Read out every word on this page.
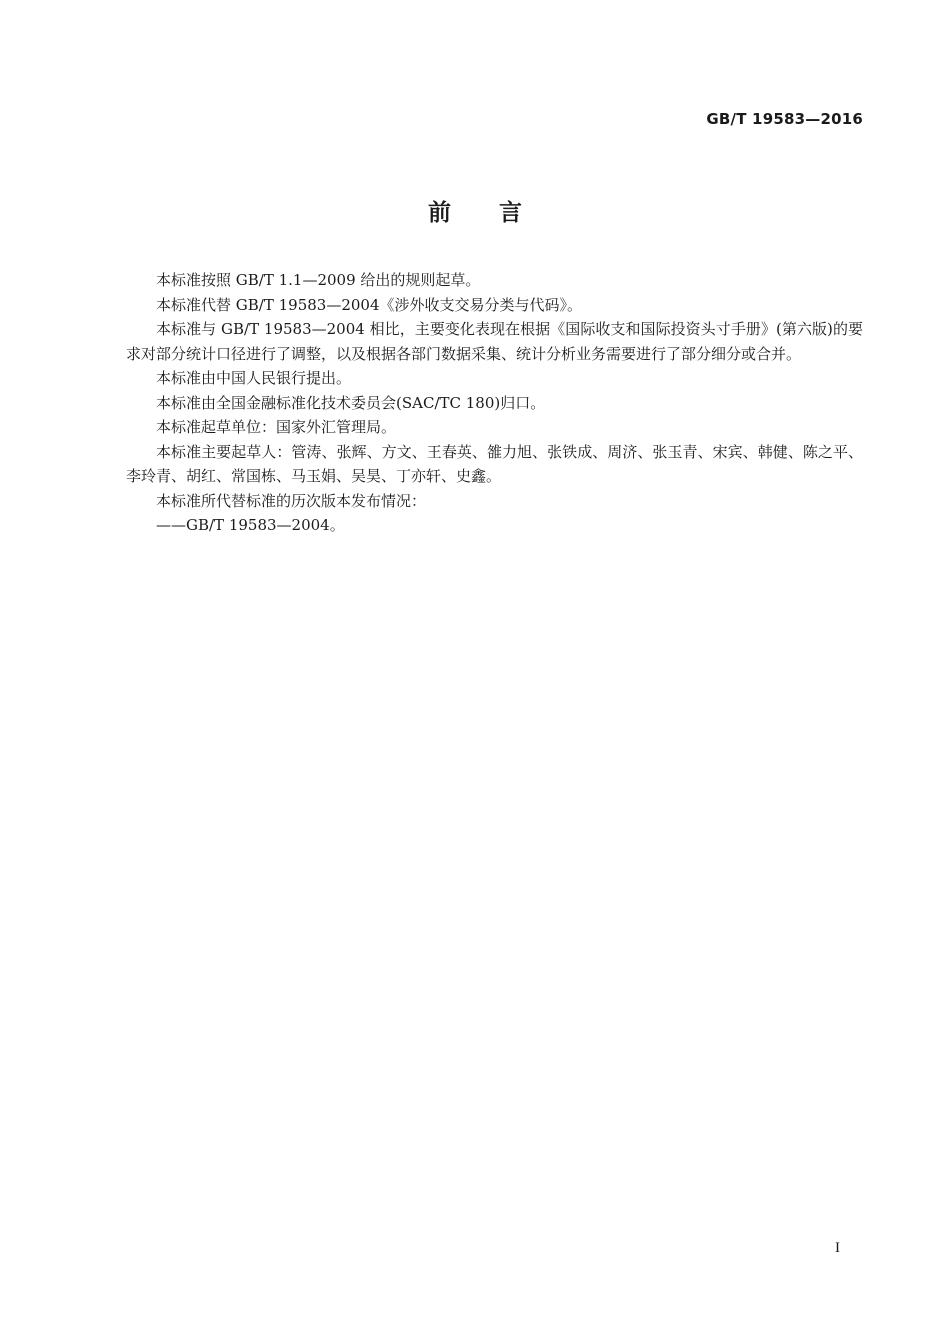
GB/T 19583—2016
前 言

本标准按照 GB/T 1.1—2009 给出的规则起草。

本标准代替 GB/T 19583—2004《涉外收支交易分类与代码》。

本标准与 GB/T 19583—2004 相比，主要变化表现在根据《国际收支和国际投资头寸手册》(第六版)的要求对部分统计口径进行了调整，以及根据各部门数据采集、统计分析业务需要进行了部分细分或合并。

本标准由中国人民银行提出。

本标准由全国金融标准化技术委员会(SAC/TC 180)归口。

本标准起草单位：国家外汇管理局。

本标准主要起草人：管涛、张辉、方文、王春英、雒力旭、张铁成、周济、张玉青、宋宾、韩健、陈之平、李玲青、胡红、常国栋、马玉娟、吴昊、丁亦轩、史鑫。

本标准所代替标准的历次版本发布情况：

——GB/T 19583—2004。

I
